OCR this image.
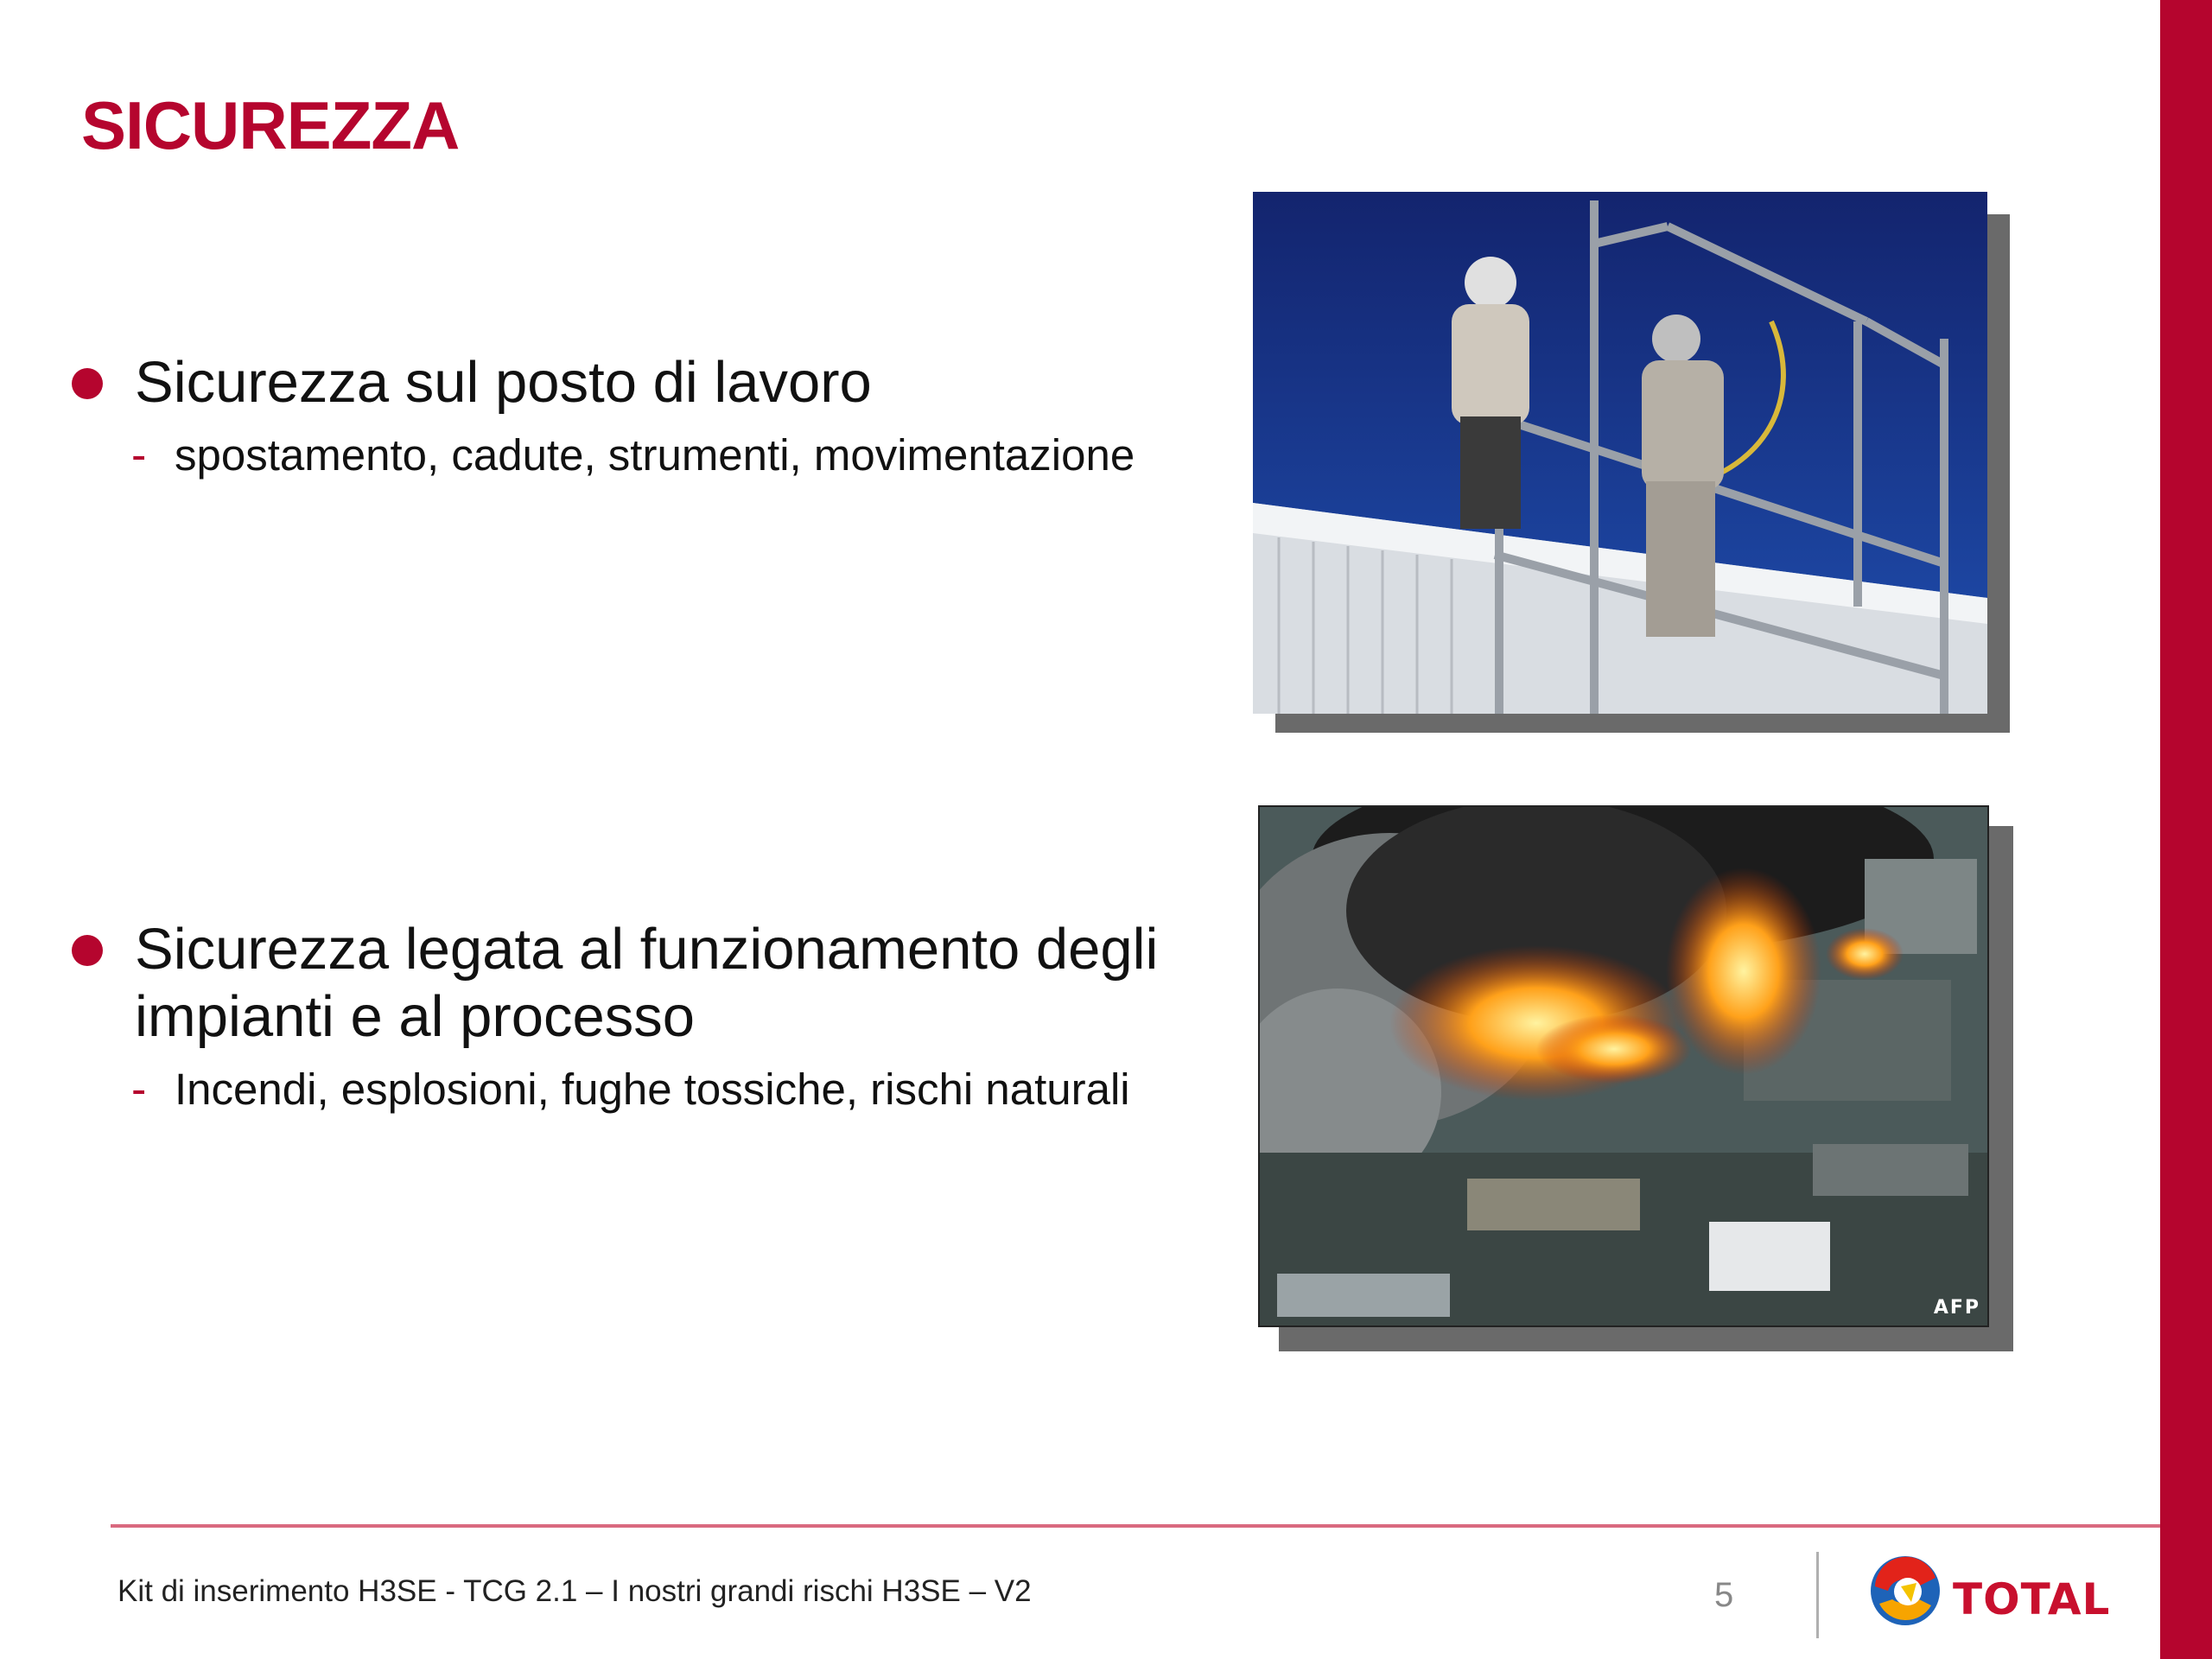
SICUREZZA
Sicurezza sul posto di lavoro
- spostamento, cadute, strumenti, movimentazione
Sicurezza legata al funzionamento degli impianti e al processo
- Incendi, esplosioni, fughe tossiche, rischi naturali
AFP
Kit di inserimento H3SE - TCG 2.1 – I nostri grandi rischi H3SE – V2	5	TOTAL
